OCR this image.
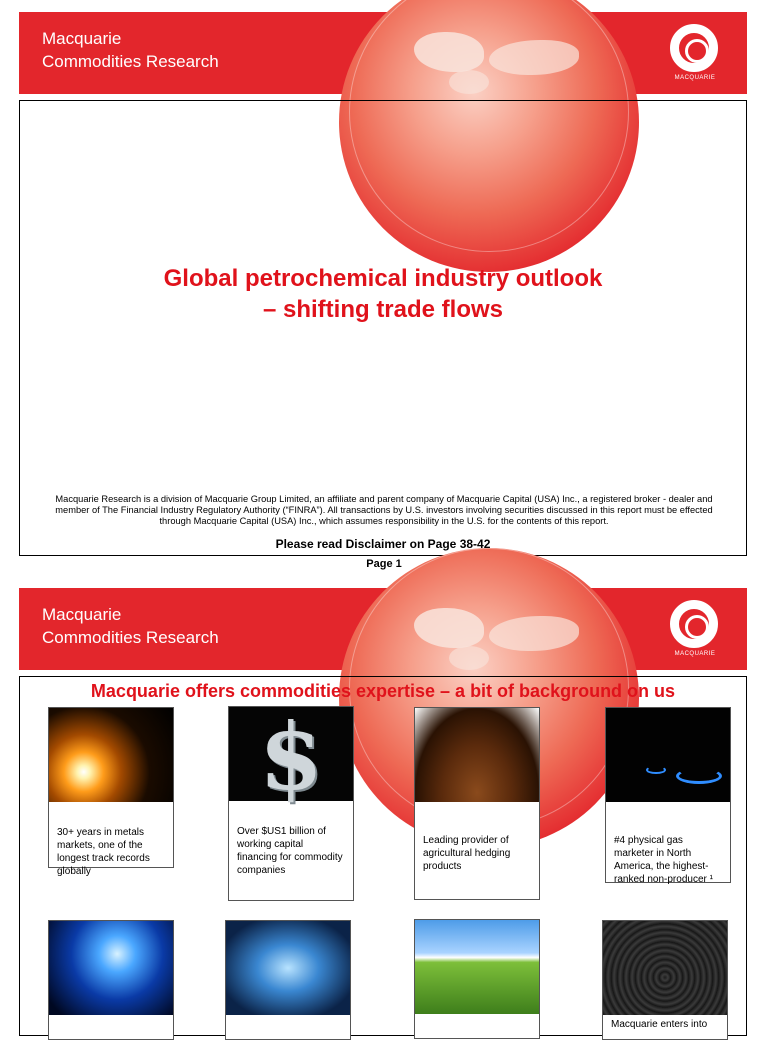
Macquarie
Commodities Research
MACQUARIE
Global petrochemical industry outlook
– shifting trade flows
Macquarie Research is a division of Macquarie Group Limited, an affiliate and parent company of Macquarie Capital (USA) Inc., a registered broker - dealer and
member of The Financial Industry Regulatory Authority (“FINRA”). All transactions by U.S. investors involving securities discussed in this report must be effected
through Macquarie Capital (USA) Inc., which assumes responsibility in the U.S. for the contents of this report.
Please read Disclaimer on Page 38-42
Page 1
Macquarie
Commodities Research
MACQUARIE
Macquarie offers commodities expertise – a bit of background on us
30+ years in metals markets, one of the longest track records globally
$
Over $US1 billion of working capital financing for commodity companies
Leading provider of agricultural hedging products
#4 physical gas marketer in North America, the highest-ranked non-producer ¹
Macquarie enters into
